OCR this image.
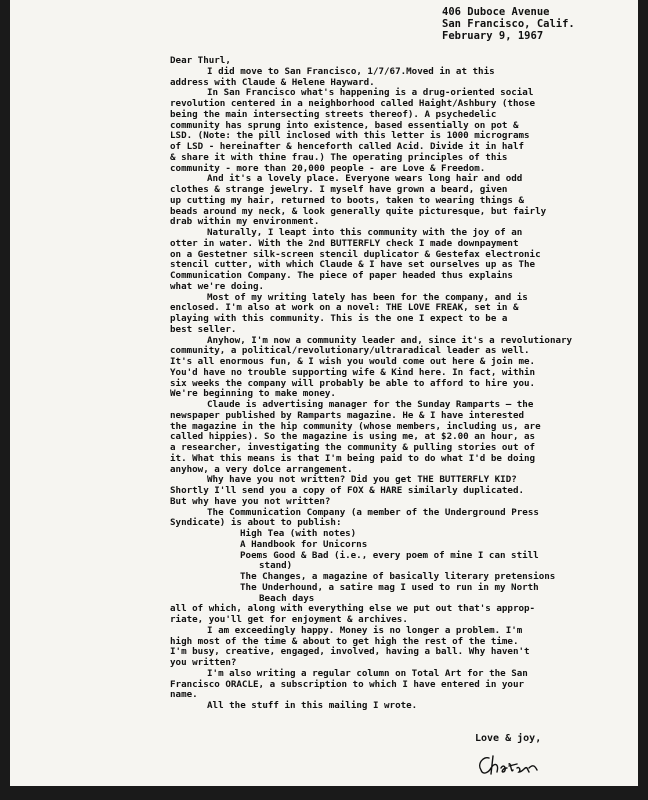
406 Duboce Avenue
San Francisco, Calif.
February 9, 1967
Dear Thurl,
I did move to San Francisco, 1/7/67.Moved in at this
address with Claude & Helene Hayward.
In San Francisco what's happening is a drug-oriented social
revolution centered in a neighborhood called Haight/Ashbury (those
being the main intersecting streets thereof). A psychedelic
community has sprung into existence, based essentially on pot &
LSD. (Note: the pill inclosed with this letter is 1000 micrograms
of LSD - hereinafter & henceforth called Acid. Divide it in half
& share it with thine frau.) The operating principles of this
community - more than 20,000 people - are Love & Freedom.
And it's a lovely place. Everyone wears long hair and odd
clothes & strange jewelry. I myself have grown a beard, given
up cutting my hair, returned to boots, taken to wearing things &
beads around my neck, & look generally quite picturesque, but fairly
drab within my environment.
Naturally, I leapt into this community with the joy of an
otter in water. With the 2nd BUTTERFLY check I made downpayment
on a Gestetner silk-screen stencil duplicator & Gestefax electronic
stencil cutter, with which Claude & I have set ourselves up as The
Communication Company. The piece of paper headed thus explains
what we're doing.
Most of my writing lately has been for the company, and is
enclosed. I'm also at work on a novel: THE LOVE FREAK, set in &
playing with this community. This is the one I expect to be a
best seller.
Anyhow, I'm now a community leader and, since it's a revolutionary
community, a political/revolutionary/ultraradical leader as well.
It's all enormous fun, & I wish you would come out here & join me.
You'd have no trouble supporting wife & Kind here. In fact, within
six weeks the company will probably be able to afford to hire you.
We're beginning to make money.
Claude is advertising manager for the Sunday Ramparts — the
newspaper published by Ramparts magazine. He & I have interested
the magazine in the hip community (whose members, including us, are
called hippies). So the magazine is using me, at $2.00 an hour, as
a researcher, investigating the community & pulling stories out of
it. What this means is that I'm being paid to do what I'd be doing
anyhow, a very dolce arrangement.
Why have you not written? Did you get THE BUTTERFLY KID?
Shortly I'll send you a copy of FOX & HARE similarly duplicated.
But why have you not written?
The Communication Company (a member of the Underground Press
Syndicate) is about to publish:
High Tea (with notes)
A Handbook for Unicorns
Poems Good & Bad (i.e., every poem of mine I can still
stand)
The Changes, a magazine of basically literary pretensions
The Underhound, a satire mag I used to run in my North
Beach days
all of which, along with everything else we put out that's approp-
riate, you'll get for enjoyment & archives.
I am exceedingly happy. Money is no longer a problem. I'm
high most of the time & about to get high the rest of the time.
I'm busy, creative, engaged, involved, having a ball. Why haven't
you written?
I'm also writing a regular column on Total Art for the San
Francisco ORACLE, a subscription to which I have entered in your
name.
All the stuff in this mailing I wrote.
Love & joy,
